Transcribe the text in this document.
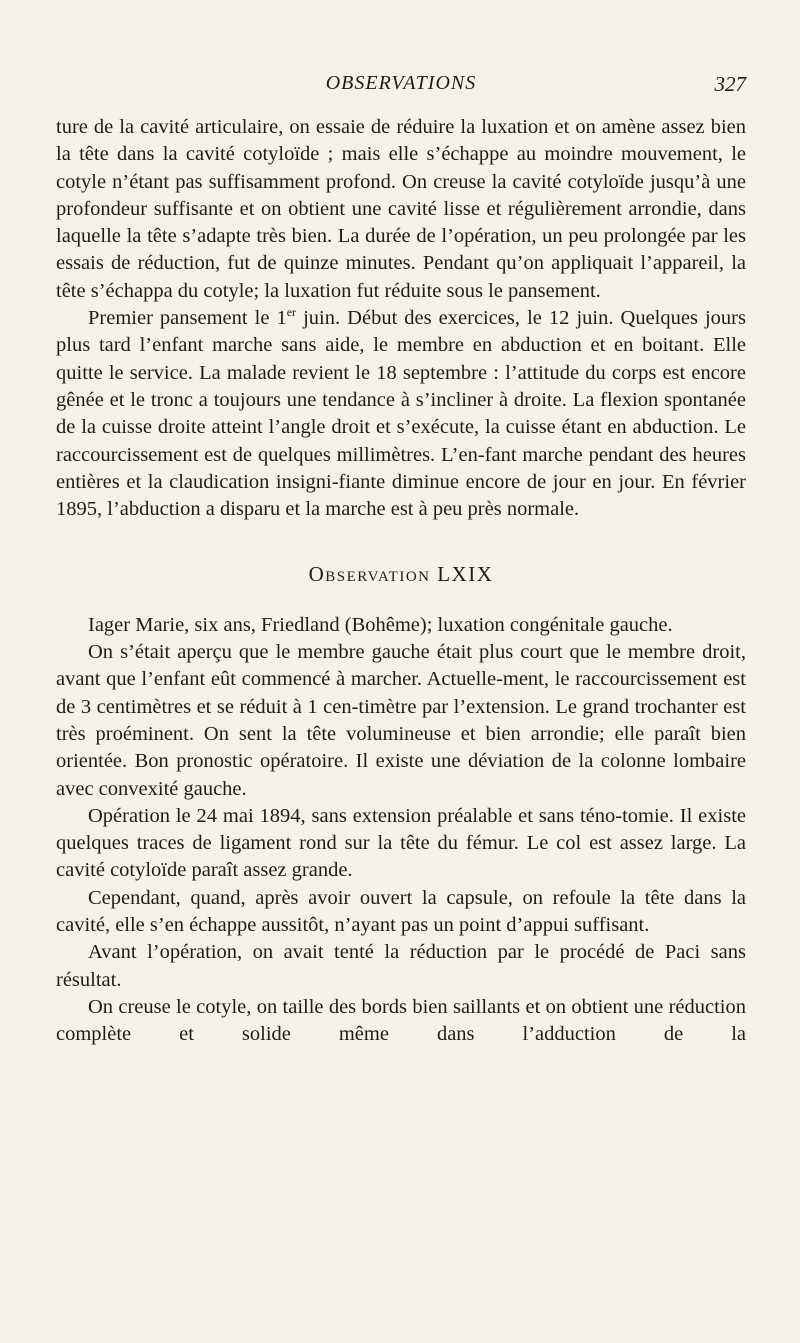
OBSERVATIONS	327

ture de la cavité articulaire, on essaie de réduire la luxation et on amène assez bien la tête dans la cavité cotyloïde ; mais elle s’échappe au moindre mouvement, le cotyle n’étant pas suffisamment profond. On creuse la cavité cotyloïde jusqu’à une profondeur suffisante et on obtient une cavité lisse et régulièrement arrondie, dans laquelle la tête s’adapte très bien. La durée de l’opération, un peu prolongée par les essais de réduction, fut de quinze minutes. Pendant qu’on appliquait l’appareil, la tête s’échappa du cotyle; la luxation fut réduite sous le pansement.

Premier pansement le 1er juin. Début des exercices, le 12 juin. Quelques jours plus tard l’enfant marche sans aide, le membre en abduction et en boitant. Elle quitte le service. La malade revient le 18 septembre : l’attitude du corps est encore gênée et le tronc a toujours une tendance à s’incliner à droite. La flexion spontanée de la cuisse droite atteint l’angle droit et s’exécute, la cuisse étant en abduction. Le raccourcissement est de quelques millimètres. L’en-fant marche pendant des heures entières et la claudication insigni-fiante diminue encore de jour en jour. En février 1895, l’abduction a disparu et la marche est à peu près normale.

Observation LXIX

Iager Marie, six ans, Friedland (Bohême); luxation congénitale gauche.

On s’était aperçu que le membre gauche était plus court que le membre droit, avant que l’enfant eût commencé à marcher. Actuelle-ment, le raccourcissement est de 3 centimètres et se réduit à 1 cen-timètre par l’extension. Le grand trochanter est très proéminent. On sent la tête volumineuse et bien arrondie; elle paraît bien orientée. Bon pronostic opératoire. Il existe une déviation de la colonne lombaire avec convexité gauche.

Opération le 24 mai 1894, sans extension préalable et sans téno-tomie. Il existe quelques traces de ligament rond sur la tête du fémur. Le col est assez large. La cavité cotyloïde paraît assez grande.

Cependant, quand, après avoir ouvert la capsule, on refoule la tête dans la cavité, elle s’en échappe aussitôt, n’ayant pas un point d’appui suffisant.

Avant l’opération, on avait tenté la réduction par le procédé de Paci sans résultat.

On creuse le cotyle, on taille des bords bien saillants et on obtient une réduction complète et solide même dans l’adduction de la
